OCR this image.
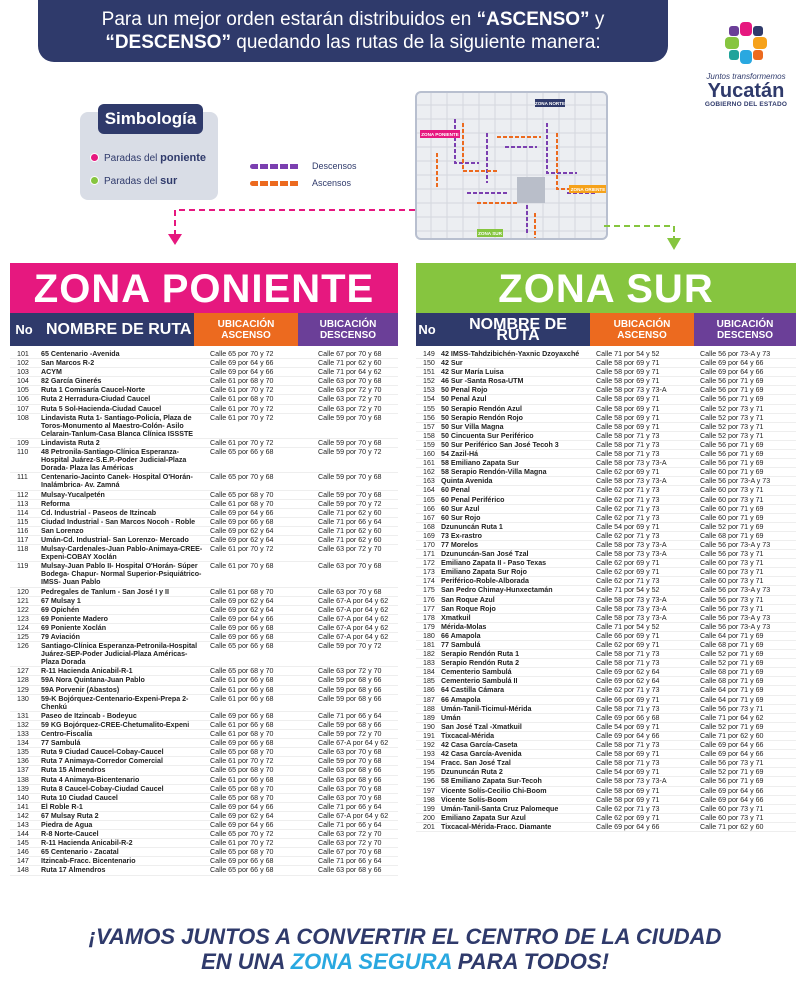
Para un mejor orden estarán distribuidos en “ASCENSO” y
“DESCENSO” quedando las rutas de la siguiente manera:
Juntos transformemos
Yucatán
GOBIERNO DEL ESTADO
Simbología
Paradas del poniente
Paradas del sur
Descensos
Ascensos
ZONA NORTE
ZONA PONIENTE
ZONA ORIENTE
ZONA SUR
ZONA PONIENTE
No NOMBRE DE RUTA	UBICACIÓN ASCENSO
UBICACIÓN DESCENSO
101	65 Centenario -Avenida	Calle 65 por 70 y 72	Calle 67 por 70 y 68
102	San Marcos R-2	Calle 69 por 64 y 66	Calle 71 por 62 y 60
103	ACYM	Calle 69 por 64 y 66	Calle 71 por 64 y 62
104	82 García Ginerés	Calle 61 por 68 y 70	Calle 63 por 70 y 68
105	Ruta 1 Comisaría Caucel-Norte	Calle 61 por 70 y 72	Calle 63 por 72 y 70
106	Ruta 2 Herradura-Ciudad Caucel	Calle 61 por 68 y 70	Calle 63 por 72 y 70
107	Ruta 5 Sol-Hacienda-Ciudad Caucel	Calle 61 por 70 y 72	Calle 63 por 72 y 70
108	Lindavista Ruta 1- Santiago-Policía, Plaza de Toros-Monumento al Maestro-Colón- Asilo Celarain-Tanlum-Casa Blanca Clínica ISSSTE
Calle 61 por 70 y 72	Calle 59 por 70 y 68
109	Lindavista Ruta 2	Calle 61 por 70 y 72	Calle 59 por 70 y 68
110	48 Petronila-Santiago-Clínica Esperanza-Hospital Juárez-S.E.P.-Poder Judicial-Plaza Dorada- Plaza las Américas
Calle 65 por 66 y 68	Calle 59 por 70 y 72
111	Centenario-Jacinto Canek- Hospital O'Horán-Inalámbrica- Av. Zamná
Calle 65 por 70 y 68	Calle 59 por 70 y 68
112	Mulsay-Yucalpetén	Calle 65 por 68 y 70	Calle 59 por 70 y 68
113	Reforma	Calle 61 por 68 y 70	Calle 59 por 70 y 72
114	Cd. Industrial - Paseos de Itzincab	Calle 69 por 64 y 66	Calle 71 por 62 y 60
115	Ciudad Industrial - San Marcos Nocoh - Roble	Calle 69 por 66 y 68	Calle 71 por 66 y 64
116	San Lorenzo	Calle 69 por 62 y 64	Calle 71 por 62 y 60
117	Umán-Cd. Industrial- San Lorenzo- Mercado	Calle 69 por 62 y 64	Calle 71 por 62 y 60
118	Mulsay-Cardenales-Juan Pablo-Animaya-CREE-Expeni-COBAY Xoclán
Calle 61 por 70 y 72	Calle 63 por 72 y 70
119	Mulsay-Juan Pablo II- Hospital O'Horán- Súper Bodega- Chapur- Normal Superior-Psiquiátrico- IMSS- Juan Pablo
Calle 61 por 70 y 68	Calle 63 por 70 y 68
120	Pedregales de Tanlum - San José I y II	Calle 61 por 68 y 70	Calle 63 por 70 y 68
121	67 Mulsay 1	Calle 69 por 62 y 64	Calle 67-A por 64 y 62
122	69 Opichén	Calle 69 por 62 y 64	Calle 67-A por 64 y 62
123	69 Poniente Madero	Calle 69 por 64 y 66	Calle 67-A por 64 y 62
124	69 Poniente Xoclán	Calle 69 por 66 y 68	Calle 67-A por 64 y 62
125	79 Aviación	Calle 69 por 66 y 68	Calle 67-A por 64 y 62
126	Santiago-Clínica Esperanza-Petronila-Hospital Juárez-SEP-Poder Judicial-Plaza Américas-Plaza Dorada
Calle 65 por 66 y 68	Calle 59 por 70 y 72
127	R-11 Hacienda Anicabil-R-1	Calle 65 por 68 y 70	Calle 63 por 72 y 70
128	59A Nora Quintana-Juan Pablo	Calle 61 por 66 y 68	Calle 59 por 68 y 66
129	59A Porvenir (Abastos)	Calle 61 por 66 y 68	Calle 59 por 68 y 66
130	59-K Bojórquez-Centenario-Expeni-Prepa 2-Chenkú
Calle 61 por 66 y 68	Calle 59 por 68 y 66
131	Paseo de Itzincab - Bodeyuc	Calle 69 por 66 y 68	Calle 71 por 66 y 64
132	59 KG Bojórquez-CREE-Chetumalito-Expeni	Calle 61 por 66 y 68	Calle 59 por 68 y 66
133	Centro-Fiscalía	Calle 61 por 68 y 70	Calle 59 por 72 y 70
134	77 Sambulá	Calle 69 por 66 y 68	Calle 67-A por 64 y 62
135	Ruta 9 Ciudad Caucel-Cobay-Caucel	Calle 65 por 68 y 70	Calle 63 por 70 y 68
136	Ruta 7 Animaya-Corredor Comercial	Calle 61 por 70 y 72	Calle 59 por 70 y 68
137	Ruta 15 Almendros	Calle 65 por 68 y 70	Calle 63 por 68 y 66
138	Ruta 4 Animaya-Bicentenario	Calle 61 por 66 y 68	Calle 63 por 68 y 66
139	Ruta 8 Caucel-Cobay-Ciudad Caucel	Calle 65 por 68 y 70	Calle 63 por 70 y 68
140	Ruta 10 Ciudad Caucel	Calle 65 por 68 y 70	Calle 63 por 70 y 68
141	El Roble R-1	Calle 69 por 64 y 66	Calle 71 por 66 y 64
142	67 Mulsay Ruta 2	Calle 69 por 62 y 64	Calle 67-A por 64 y 62
143	Piedra de Agua	Calle 69 por 64 y 66	Calle 71 por 66 y 64
144	R-8 Norte-Caucel	Calle 65 por 70 y 72	Calle 63 por 72 y 70
145	R-11 Hacienda Anicabil-R-2	Calle 61 por 70 y 72	Calle 63 por 72 y 70
146	65 Centenario - Zacatal	Calle 65 por 68 y 70	Calle 67 por 70 y 68
147	Itzincab-Fracc. Bicentenario	Calle 69 por 66 y 68	Calle 71 por 66 y 64
148	Ruta 17 Almendros	Calle 65 por 66 y 68	Calle 63 por 68 y 66
ZONA SUR
No	NOMBRE DE RUTA
UBICACIÓN ASCENSO
UBICACIÓN DESCENSO
149 42 IMSS-Tahdzibichén-Yaxnic Dzoyaxché	Calle 71 por 54 y 52	Calle 56 por 73-A y 73
150 42 Sur	Calle 58 por 69 y 71	Calle 69 por 64 y 66
151 42 Sur María Luisa	Calle 58 por 69 y 71	Calle 69 por 64 y 66
152 46 Sur -Santa Rosa-UTM	Calle 58 por 69 y 71	Calle 56 por 71 y 69
153 50 Penal Rojo	Calle 58 por 73 y 73-A	Calle 56 por 71 y 69
154 50 Penal Azul	Calle 58 por 69 y 71	Calle 56 por 71 y 69
155 50 Serapio Rendón Azul	Calle 58 por 69 y 71	Calle 52 por 73 y 71
156 50 Serapio Rendón Rojo	Calle 58 por 69 y 71	Calle 52 por 73 y 71
157 50 Sur Villa Magna	Calle 58 por 69 y 71	Calle 52 por 73 y 71
158 50 Cincuenta Sur Periférico	Calle 58 por 71 y 73	Calle 52 por 73 y 71
159 50 Sur Periférico San José Tecoh 3	Calle 58 por 71 y 73	Calle 56 por 71 y 69
160 54 Zazil-Há	Calle 58 por 71 y 73	Calle 56 por 71 y 69
161 58 Emiliano Zapata Sur	Calle 58 por 73 y 73-A	Calle 56 por 71 y 69
162 58 Serapio Rendón-Villa Magna	Calle 62 por 69 y 71	Calle 60 por 71 y 69
163 Quinta Avenida	Calle 58 por 73 y 73-A	Calle 56 por 73-A y 73
164 60 Penal	Calle 62 por 71 y 73	Calle 60 por 73 y 71
165 60 Penal Periférico	Calle 62 por 71 y 73	Calle 60 por 73 y 71
166 60 Sur Azul	Calle 62 por 71 y 73	Calle 60 por 71 y 69
167 60 Sur Rojo	Calle 62 por 71 y 73	Calle 60 por 71 y 69
168 Dzununcán Ruta 1	Calle 54 por 69 y 71	Calle 52 por 71 y 69
169 73 Ex-rastro	Calle 62 por 71 y 73	Calle 68 por 71 y 69
170 77 Morelos	Calle 58 por 73 y 73-A	Calle 56 por 73-A y 73
171 Dzununcán-San José Tzal	Calle 58 por 73 y 73-A	Calle 56 por 73 y 71
172 Emiliano Zapata II - Paso Texas	Calle 62 por 69 y 71	Calle 60 por 73 y 71
173 Emiliano Zapata Sur Rojo	Calle 62 por 69 y 71	Calle 60 por 73 y 71
174 Periférico-Roble-Alborada	Calle 62 por 71 y 73	Calle 60 por 73 y 71
175 San Pedro Chimay-Hunxectamán	Calle 71 por 54 y 52	Calle 56 por 73-A y 73
176 San Roque Azul	Calle 58 por 73 y 73-A	Calle 56 por 73 y 71
177 San Roque Rojo	Calle 58 por 73 y 73-A	Calle 56 por 73 y 71
178 Xmatkuil	Calle 58 por 73 y 73-A	Calle 56 por 73-A y 73
179 Mérida-Molas	Calle 71 por 54 y 52	Calle 56 por 73-A y 73
180 66 Amapola	Calle 66 por 69 y 71	Calle 64 por 71 y 69
181 77 Sambulá	Calle 62 por 69 y 71	Calle 68 por 71 y 69
182 Serapio Rendón Ruta 1	Calle 58 por 71 y 73	Calle 52 por 71 y 69
183 Serapio Rendón Ruta 2	Calle 58 por 71 y 73	Calle 52 por 71 y 69
184 Cementerio Sambulá	Calle 69 por 62 y 64	Calle 68 por 71 y 69
185 Cementerio Sambulá II	Calle 69 por 62 y 64	Calle 68 por 71 y 69
186 64 Castilla Cámara	Calle 62 por 71 y 73	Calle 64 por 71 y 69
187 66 Amapola	Calle 66 por 69 y 71	Calle 64 por 71 y 69
188 Umán-Tanil-Ticimul-Mérida	Calle 58 por 71 y 73	Calle 56 por 73 y 71
189 Umán	Calle 69 por 66 y 68	Calle 71 por 64 y 62
190 San José Tzal -Xmatkuil	Calle 54 por 69 y 71	Calle 52 por 71 y 69
191 Tixcacal-Mérida	Calle 69 por 64 y 66	Calle 71 por 62 y 60
192 42 Casa García-Caseta	Calle 58 por 71 y 73	Calle 69 por 64 y 66
193 42 Casa García-Avenida	Calle 58 por 69 y 71	Calle 69 por 64 y 66
194 Fracc. San José Tzal	Calle 58 por 71 y 73	Calle 56 por 73 y 71
195 Dzununcán Ruta 2	Calle 54 por 69 y 71	Calle 52 por 71 y 69
196 58 Emiliano Zapata Sur-Tecoh	Calle 58 por 73 y 73-A	Calle 56 por 71 y 69
197 Vicente Solís-Cecilio Chi-Boom	Calle 58 por 69 y 71	Calle 69 por 64 y 66
198 Vicente Solís-Boom	Calle 58 por 69 y 71	Calle 69 por 64 y 66
199 Umán-Tanil-Santa Cruz Palomeque	Calle 62 por 71 y 73	Calle 60 por 73 y 71
200 Emiliano Zapata Sur Azul	Calle 62 por 69 y 71	Calle 60 por 73 y 71
201 Tixcacal-Mérida-Fracc. Diamante	Calle 69 por 64 y 66	Calle 71 por 62 y 60
¡VAMOS JUNTOS A CONVERTIR EL CENTRO DE LA CIUDAD
EN UNA ZONA SEGURA PARA TODOS!
